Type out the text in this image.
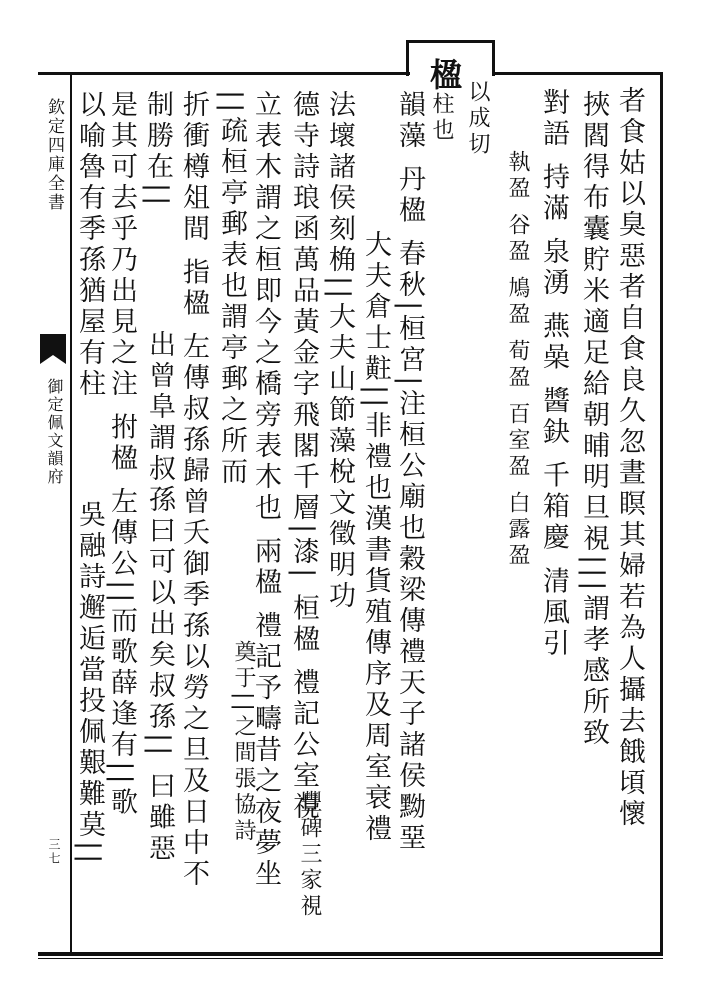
欽定四庫全書
御定佩文韻府
三七
楹
以成切
柱也	者食姑以臭惡者自食良久忽晝瞑其婦若為人攝去餓頃懷
挾閻得布囊貯米適足給朝晡明旦視|||謂孝感所致
對語 持滿 泉湧 燕喿 醬鈌 千箱慶 清風引
執盈 谷盈 鳩盈 荀盈 百室盈 白露盈
韻藻 丹楹 春秋|桓宮|注桓公廟也穀梁傳禮天子諸侯黝堊
大夫倉士黈||非禮也漢書貨殖傳序及周室衰禮
法壞諸侯刻桷||大夫山節藻梲文徵明功
德寺詩琅函萬品黃金字飛閣千層|漆| 桓楹 禮記公室視
豐碑三家視
立表木謂之桓即今之橋旁表木也 兩楹 禮記予疇昔之夜夢坐
||疏桓亭郵表也謂亭郵之所而
奠于||之間張協詩
折衝樽俎間 指楹 左傳叔孫歸曾夭御季孫以勞之旦及日中不
制勝在||
出曾阜謂叔孫曰可以出矣叔孫|| 曰雖惡
是其可去乎乃出見之注 拊楹 左傳公||而歌薛逢有||歌
以喻魯有季孫猶屋有柱
吳融詩邂逅當投佩艱難莫||
